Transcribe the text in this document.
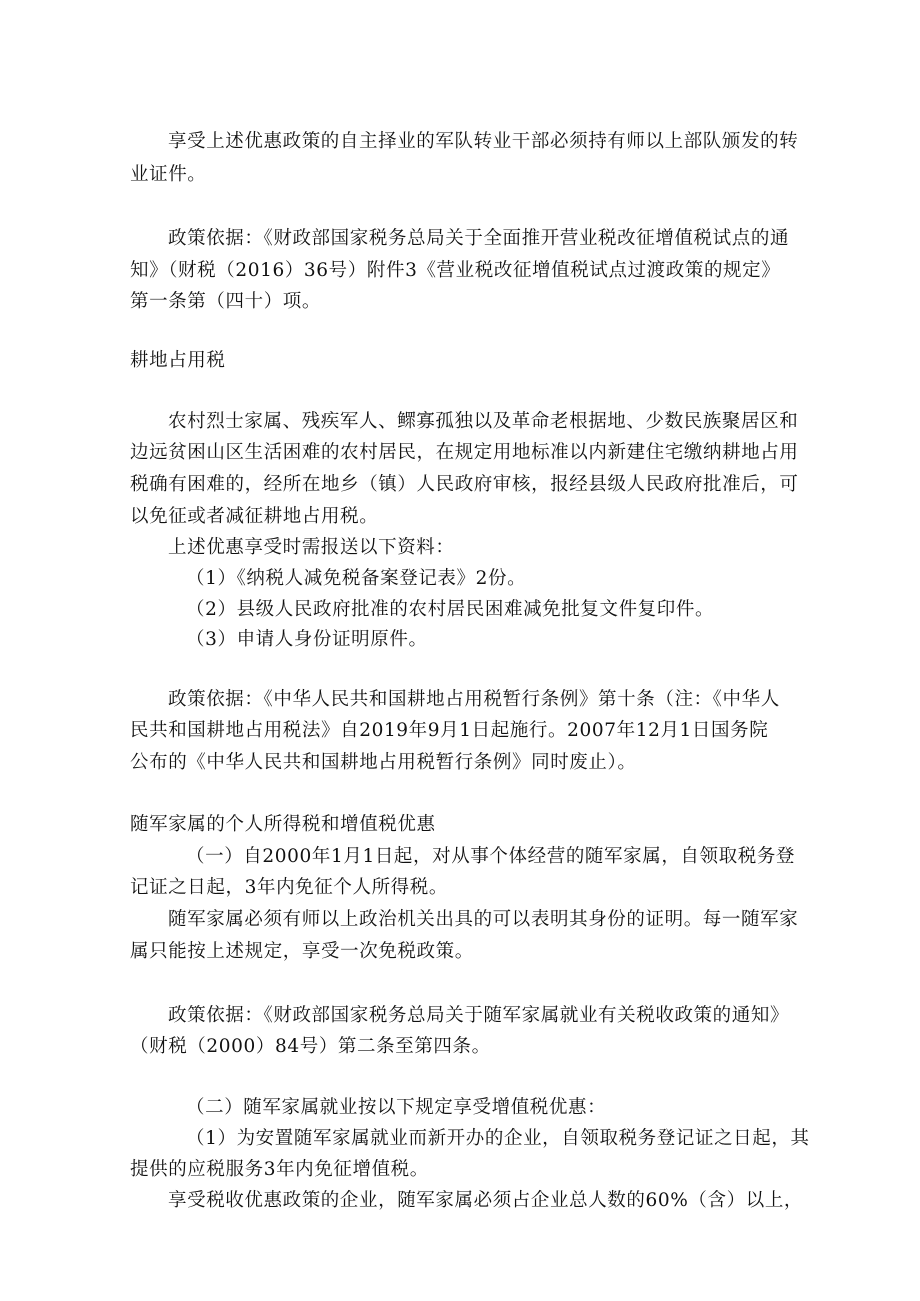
享受上述优惠政策的自主择业的军队转业干部必须持有师以上部队颁发的转
业证件。
政策依据：《财政部国家税务总局关于全面推开营业税改征增值税试点的通
知》（财税（2016）36号）附件3《营业税改征增值税试点过渡政策的规定》
第一条第（四十）项。
耕地占用税
农村烈士家属、残疾军人、鳏寡孤独以及革命老根据地、少数民族聚居区和
边远贫困山区生活困难的农村居民，在规定用地标准以内新建住宅缴纳耕地占用
税确有困难的，经所在地乡（镇）人民政府审核，报经县级人民政府批准后，可
以免征或者减征耕地占用税。
上述优惠享受时需报送以下资料：
（1）《纳税人减免税备案登记表》2份。
（2）县级人民政府批准的农村居民困难减免批复文件复印件。
（3）申请人身份证明原件。
政策依据：《中华人民共和国耕地占用税暂行条例》第十条（注：《中华人
民共和国耕地占用税法》自2019年9月1日起施行。2007年12月1日国务院
公布的《中华人民共和国耕地占用税暂行条例》同时废止）。
随军家属的个人所得税和增值税优惠
（一）自2000年1月1日起，对从事个体经营的随军家属，自领取税务登
记证之日起，3年内免征个人所得税。
随军家属必须有师以上政治机关出具的可以表明其身份的证明。每一随军家
属只能按上述规定，享受一次免税政策。
政策依据：《财政部国家税务总局关于随军家属就业有关税收政策的通知》
（财税（2000）84号）第二条至第四条。
（二）随军家属就业按以下规定享受增值税优惠：
（1）为安置随军家属就业而新开办的企业，自领取税务登记证之日起，其
提供的应税服务3年内免征增值税。
享受税收优惠政策的企业，随军家属必须占企业总人数的60%（含）以上，
